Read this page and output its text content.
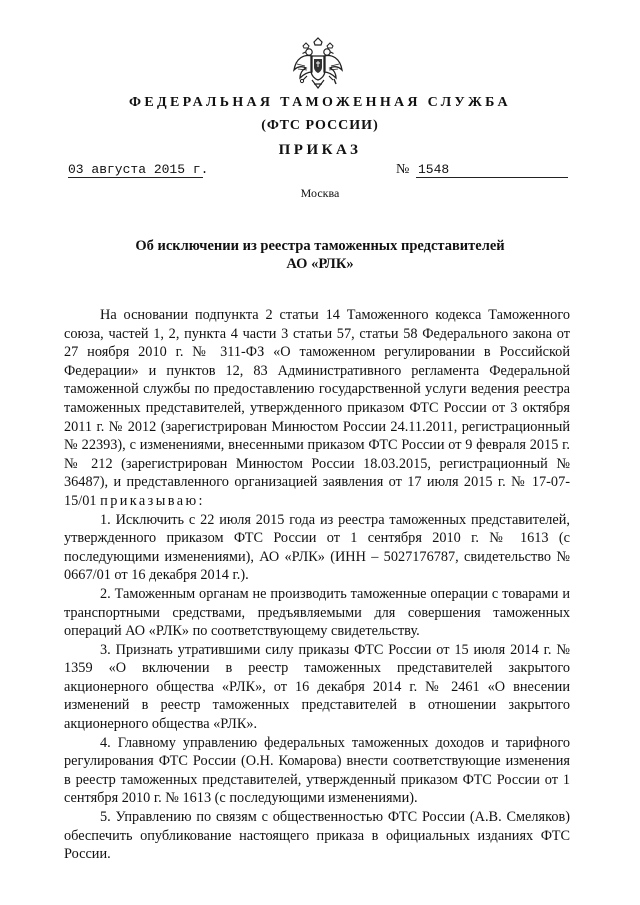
ФЕДЕРАЛЬНАЯ ТАМОЖЕННАЯ СЛУЖБА
(ФТС РОССИИ)
ПРИКАЗ
03 августа 2015 г.	№ 1548
Москва
Об исключении из реестра таможенных представителей
АО «РЛК»

На основании подпункта 2 статьи 14 Таможенного кодекса Таможенного союза, частей 1, 2, пункта 4 части 3 статьи 57, статьи 58 Федерального закона от 27 ноября 2010 г. № 311-ФЗ «О таможенном регулировании в Российской Федерации» и пунктов 12, 83 Административного регламента Федеральной таможенной службы по предоставлению государственной услуги ведения реестра таможенных представителей, утвержденного приказом ФТС России от 3 октября 2011 г. № 2012 (зарегистрирован Минюстом России 24.11.2011, регистрационный № 22393), с изменениями, внесенными приказом ФТС России от 9 февраля 2015 г. № 212 (зарегистрирован Минюстом России 18.03.2015, регистрационный № 36487), и представленного организацией заявления от 17 июля 2015 г. № 17-07-15/01 приказываю:

1. Исключить с 22 июля 2015 года из реестра таможенных представителей, утвержденного приказом ФТС России от 1 сентября 2010 г. № 1613 (с последующими изменениями), АО «РЛК» (ИНН – 5027176787, свидетельство № 0667/01 от 16 декабря 2014 г.).

2. Таможенным органам не производить таможенные операции с товарами и транспортными средствами, предъявляемыми для совершения таможенных операций АО «РЛК» по соответствующему свидетельству.

3. Признать утратившими силу приказы ФТС России от 15 июля 2014 г. № 1359 «О включении в реестр таможенных представителей закрытого акционерного общества «РЛК», от 16 декабря 2014 г. № 2461 «О внесении изменений в реестр таможенных представителей в отношении закрытого акционерного общества «РЛК».

4. Главному управлению федеральных таможенных доходов и тарифного регулирования ФТС России (О.Н. Комарова) внести соответствующие изменения в реестр таможенных представителей, утвержденный приказом ФТС России от 1 сентября 2010 г. № 1613 (с последующими изменениями).

5. Управлению по связям с общественностью ФТС России (А.В. Смеляков) обеспечить опубликование настоящего приказа в официальных изданиях ФТС России.
